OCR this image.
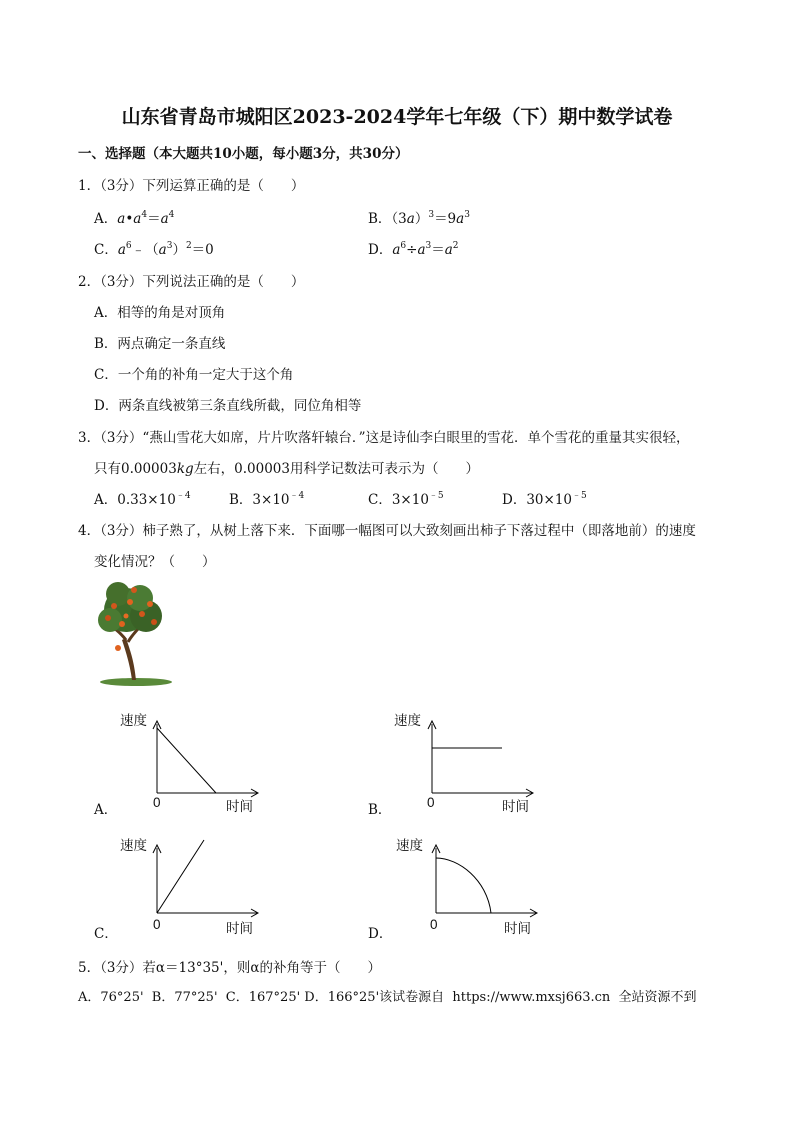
山东省青岛市城阳区2023-2024学年七年级（下）期中数学试卷
一、选择题（本大题共10小题，每小题3分，共30分）
1．（3分）下列运算正确的是（　　）
A．$a•a^4=a^4$	B．$(3a)^3=9a^3$
C．$a^6﹣(a^3)^2=0$	D．$a^6\div a^3=a^2$
2．（3分）下列说法正确的是（　　）
A．相等的角是对顶角
B．两点确定一条直线
C．一个角的补角一定大于这个角
D．两条直线被第三条直线所截，同位角相等
3．（3分）“燕山雪花大如席，片片吹落轩辕台．”这是诗仙李白眼里的雪花．单个雪花的重量其实很轻，
只有0.00003kg左右，0.00003用科学记数法可表示为（　　）
A．$0.33\times 10^{﹣4}$	B．$3\times 10^{﹣4}$	C．$3\times 10^{﹣5}$	D．$30\times 10^{﹣5}$
4．（3分）柿子熟了，从树上落下来．下面哪一幅图可以大致刻画出柿子下落过程中（即落地前）的速度
变化情况？（　　）
速度
0	时间
A．
速度
0	时间
B．
速度
0	时间
C．
速度
0	时间
D．
5．（3分）若α＝13°35'，则α的补角等于（　　）
A．76°25'  B．77°25'  C．167°25' D．166°25'该试卷源自  https://www.mxsj663.cn  全站资源不到
